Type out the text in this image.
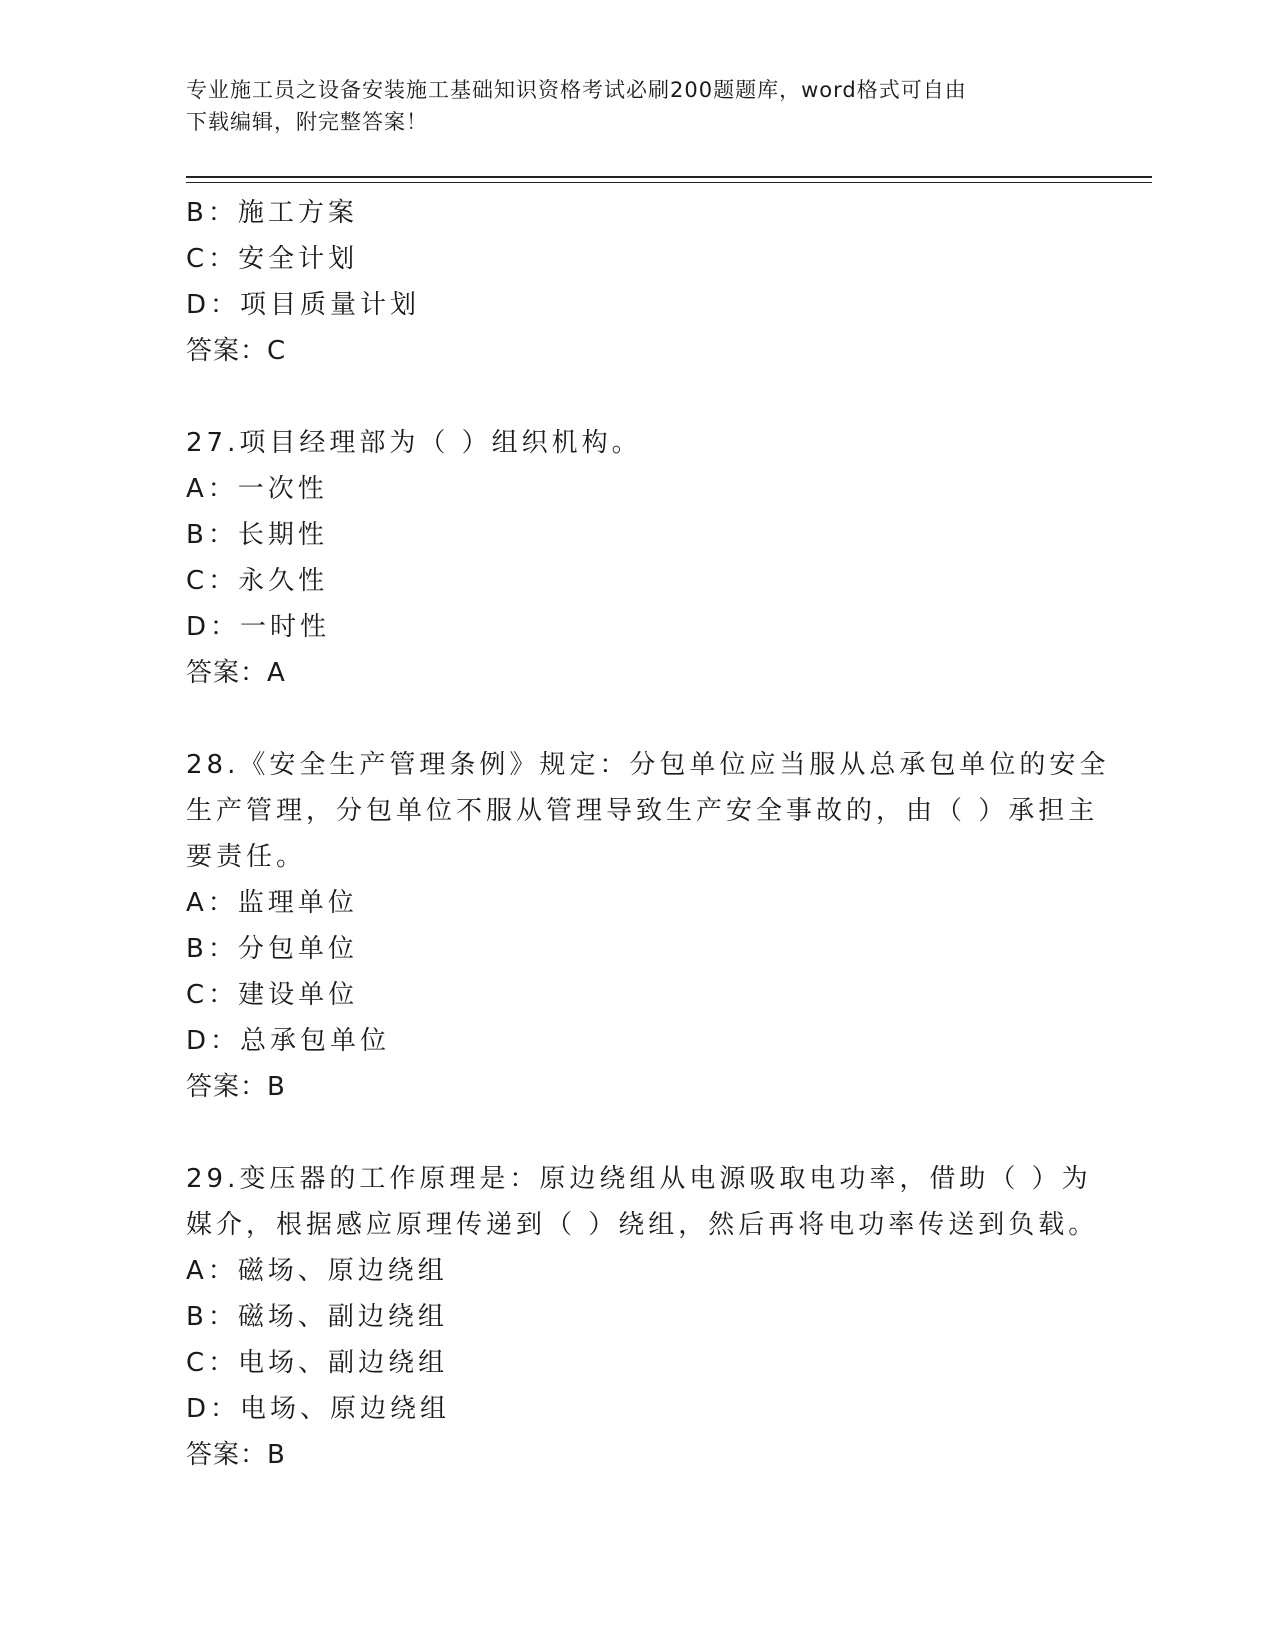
专业施工员之设备安装施工基础知识资格考试必刷200题题库，word格式可自由
下载编辑，附完整答案！
B：施工方案
C：安全计划
D：项目质量计划
答案：C
27.项目经理部为（ ）组织机构。
A：一次性
B：长期性
C：永久性
D：一时性
答案：A
28.《安全生产管理条例》规定：分包单位应当服从总承包单位的安全
生产管理，分包单位不服从管理导致生产安全事故的，由（ ）承担主
要责任。
A：监理单位
B：分包单位
C：建设单位
D：总承包单位
答案：B
29.变压器的工作原理是：原边绕组从电源吸取电功率，借助（ ）为
媒介，根据感应原理传递到（ ）绕组，然后再将电功率传送到负载。
A：磁场、原边绕组
B：磁场、副边绕组
C：电场、副边绕组
D：电场、原边绕组
答案：B
